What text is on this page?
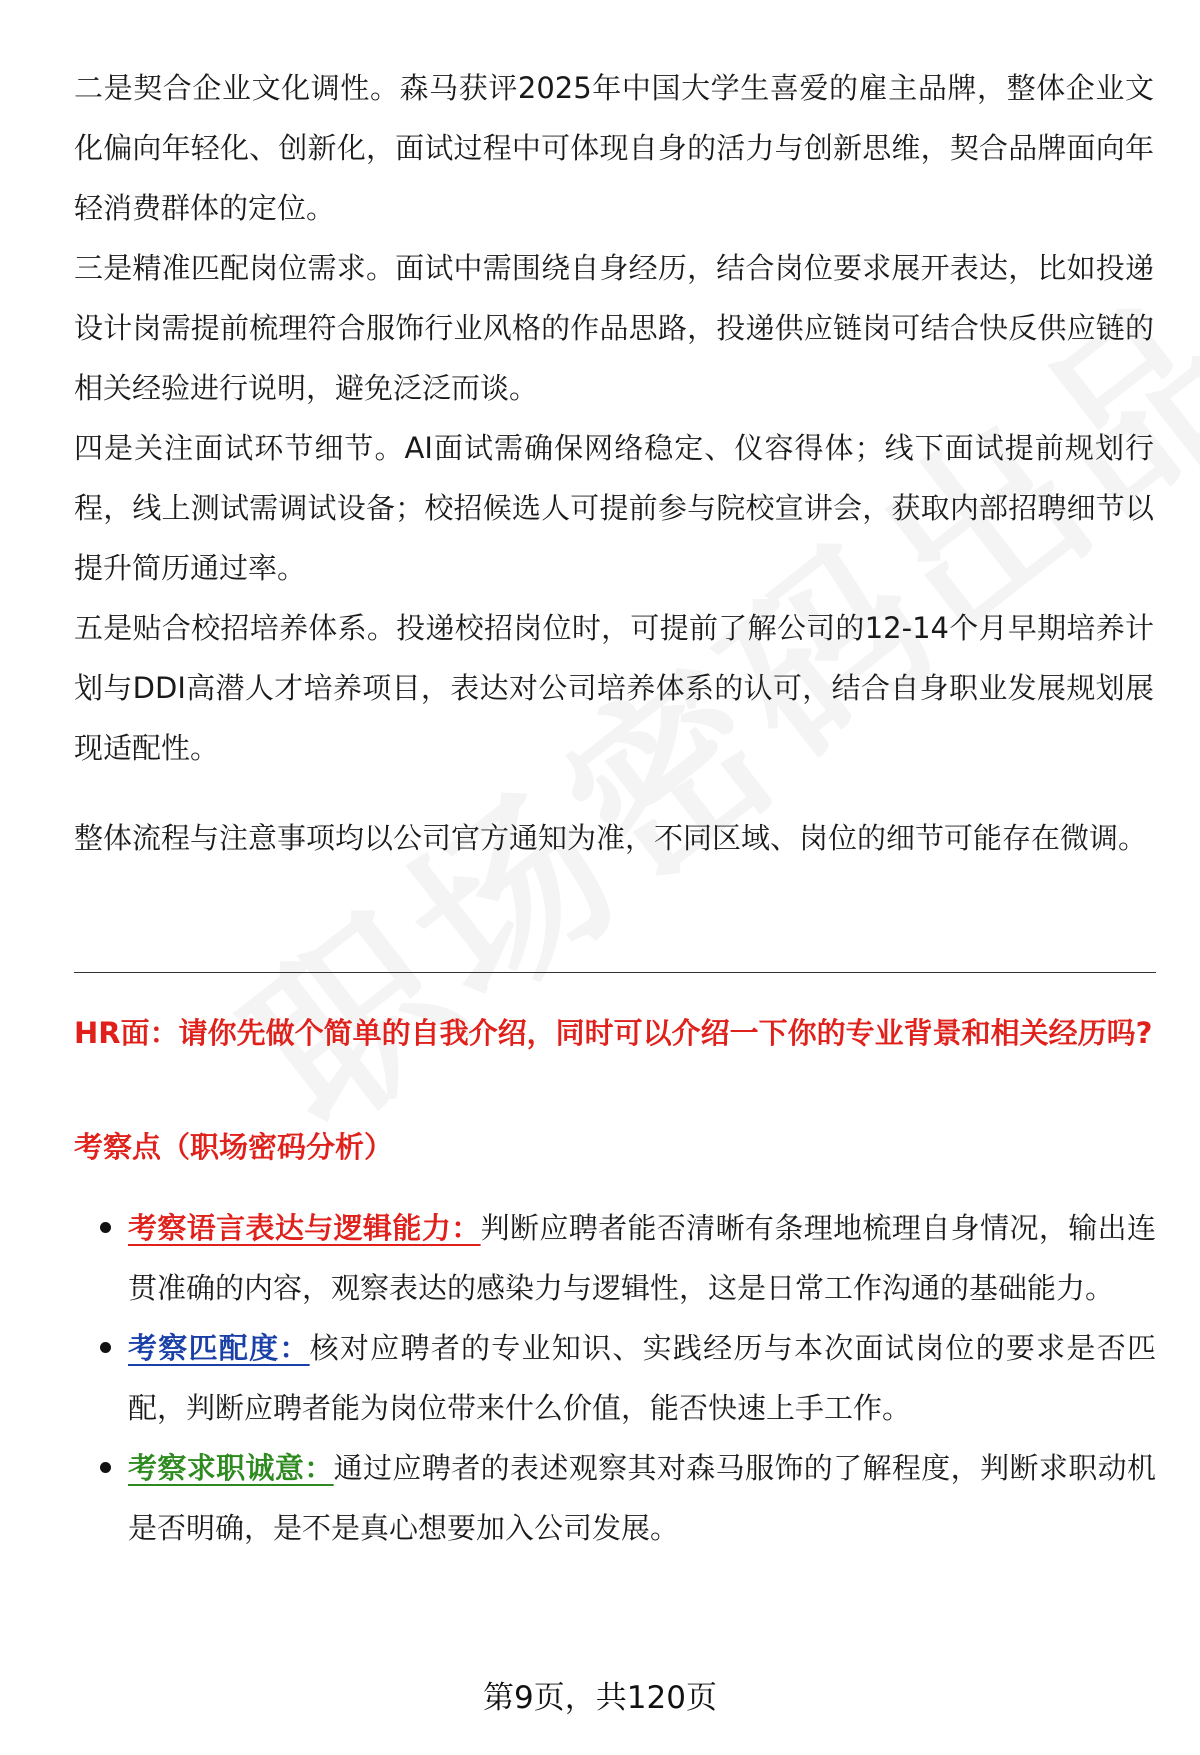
二是契合企业文化调性。森马获评2025年中国大学生喜爱的雇主品牌，整体企业文化偏向年轻化、创新化，面试过程中可体现自身的活力与创新思维，契合品牌面向年轻消费群体的定位。

三是精准匹配岗位需求。面试中需围绕自身经历，结合岗位要求展开表达，比如投递设计岗需提前梳理符合服饰行业风格的作品思路，投递供应链岗可结合快反供应链的相关经验进行说明，避免泛泛而谈。

四是关注面试环节细节。AI面试需确保网络稳定、仪容得体；线下面试提前规划行程，线上测试需调试设备；校招候选人可提前参与院校宣讲会，获取内部招聘细节以提升简历通过率。

五是贴合校招培养体系。投递校招岗位时，可提前了解公司的12-14个月早期培养计划与DDI高潜人才培养项目，表达对公司培养体系的认可，结合自身职业发展规划展现适配性。

整体流程与注意事项均以公司官方通知为准，不同区域、岗位的细节可能存在微调。

HR面：请你先做个简单的自我介绍，同时可以介绍一下你的专业背景和相关经历吗?

考察点（职场密码分析）

考察语言表达与逻辑能力：判断应聘者能否清晰有条理地梳理自身情况，输出连贯准确的内容，观察表达的感染力与逻辑性，这是日常工作沟通的基础能力。
考察匹配度：核对应聘者的专业知识、实践经历与本次面试岗位的要求是否匹配，判断应聘者能为岗位带来什么价值，能否快速上手工作。
考察求职诚意：通过应聘者的表述观察其对森马服饰的了解程度，判断求职动机是否明确，是不是真心想要加入公司发展。
第9页，共120页
